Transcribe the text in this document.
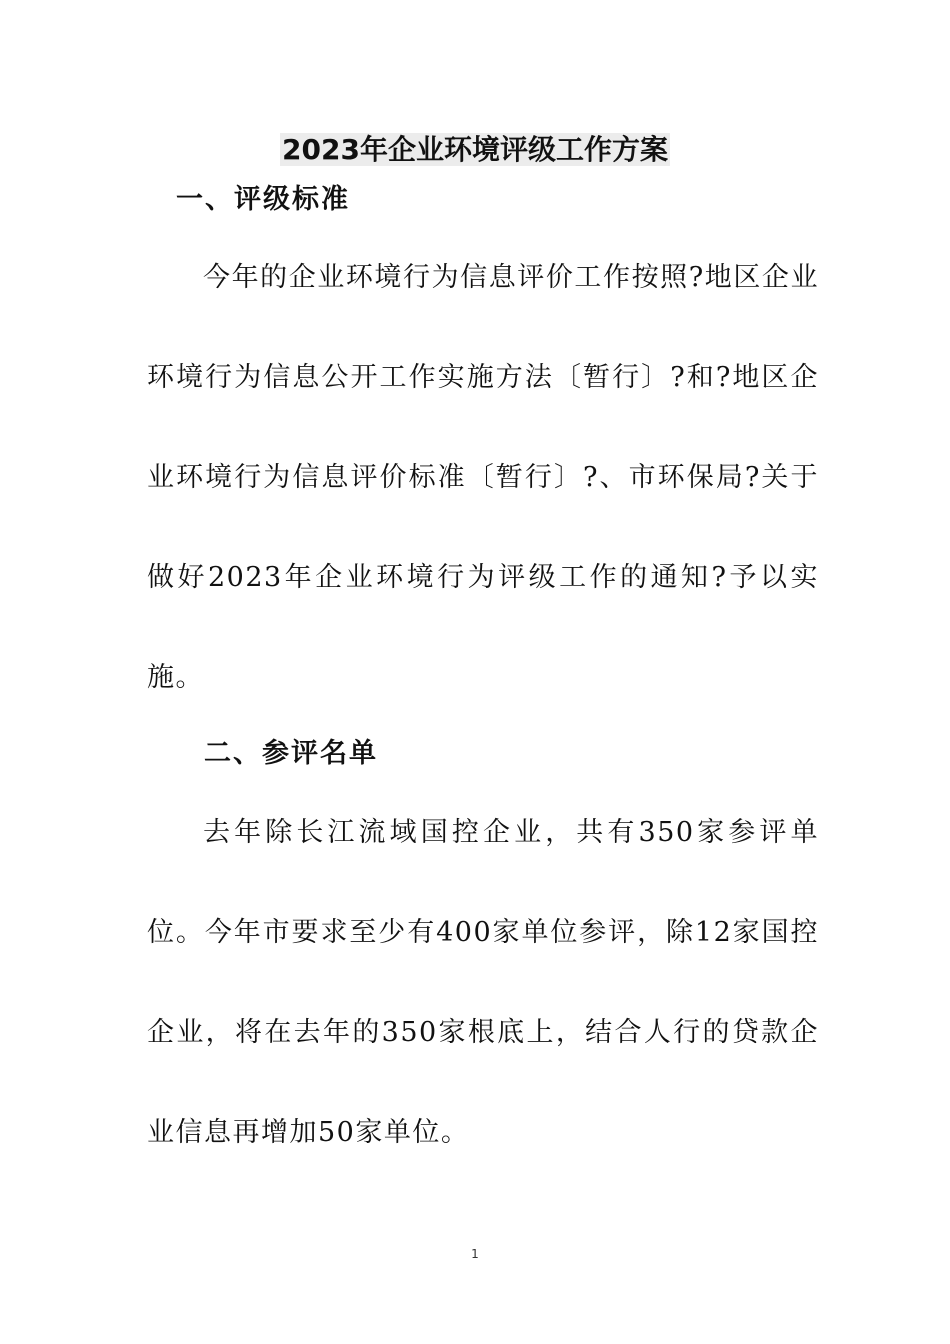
2023年企业环境评级工作方案
一、评级标准

今年的企业环境行为信息评价工作按照?地区企业环境行为信息公开工作实施方法〔暂行〕?和?地区企业环境行为信息评价标准〔暂行〕?、市环保局?关于做好2023年企业环境行为评级工作的通知?予以实施。

二、参评名单

去年除长江流域国控企业，共有350家参评单位。今年市要求至少有400家单位参评，除12家国控企业，将在去年的350家根底上，结合人行的贷款企业信息再增加50家单位。

1
